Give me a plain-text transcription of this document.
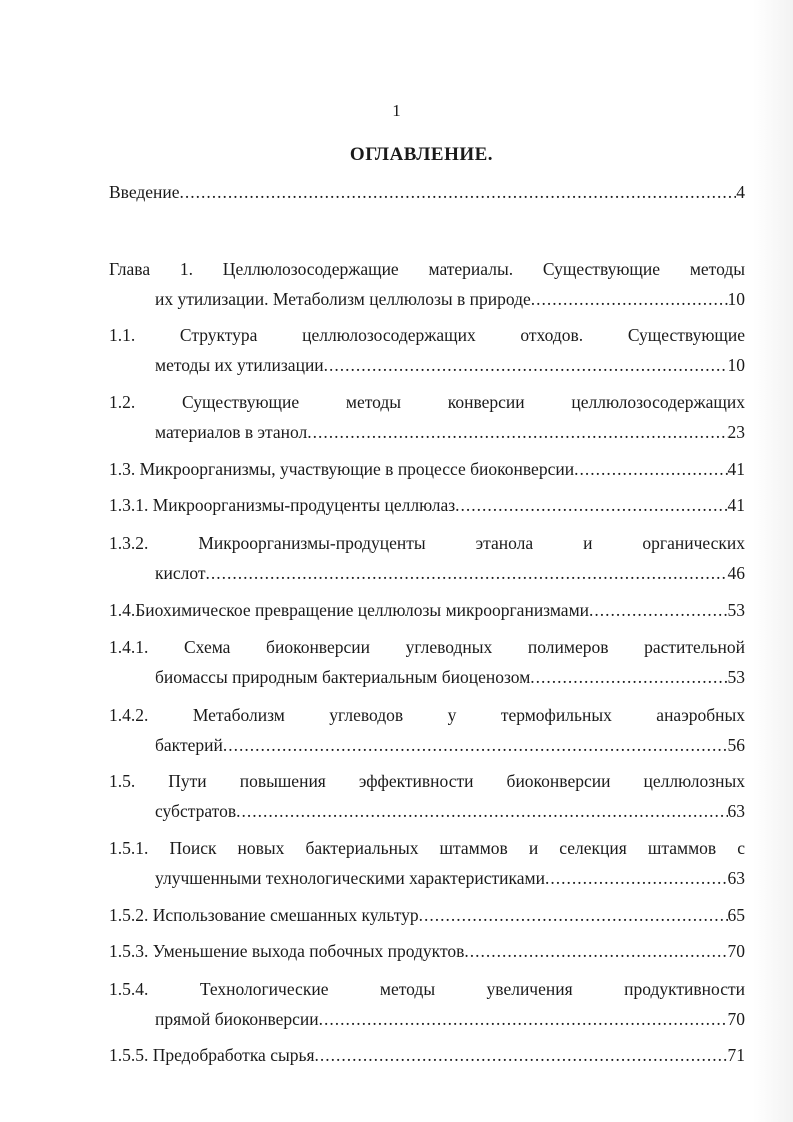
1
ОГЛАВЛЕНИЕ.
Введение .....	4
Глава 1. Целлюлозосодержащие материалы. Существующие методы
их утилизации. Метаболизм целлюлозы в природе .....	10
1.1. Структура целлюлозосодержащих отходов. Существующие
методы их утилизации .....	10
1.2. Существующие методы конверсии целлюлозосодержащих
материалов в этанол .....	23
1.3. Микроорганизмы, участвующие в процессе биоконверсии .....	41
1.3.1. Микроорганизмы-продуценты целлюлаз .....	41
1.3.2. Микроорганизмы-продуценты этанола и органических
кислот .....	46
1.4.Биохимическое превращение целлюлозы микроорганизмами .....	53
1.4.1. Схема биоконверсии углеводных полимеров растительной
биомассы природным бактериальным биоценозом .....	53
1.4.2. Метаболизм углеводов у термофильных анаэробных
бактерий .....	56
1.5. Пути повышения эффективности биоконверсии целлюлозных
субстратов .....	63
1.5.1. Поиск новых бактериальных штаммов и селекция штаммов с
улучшенными технологическими характеристиками .....	63
1.5.2. Использование смешанных культур .....	65
1.5.3. Уменьшение выхода побочных продуктов .....	70
1.5.4. Технологические методы увеличения продуктивности
прямой биоконверсии .....	70
1.5.5. Предобработка сырья .....	71
